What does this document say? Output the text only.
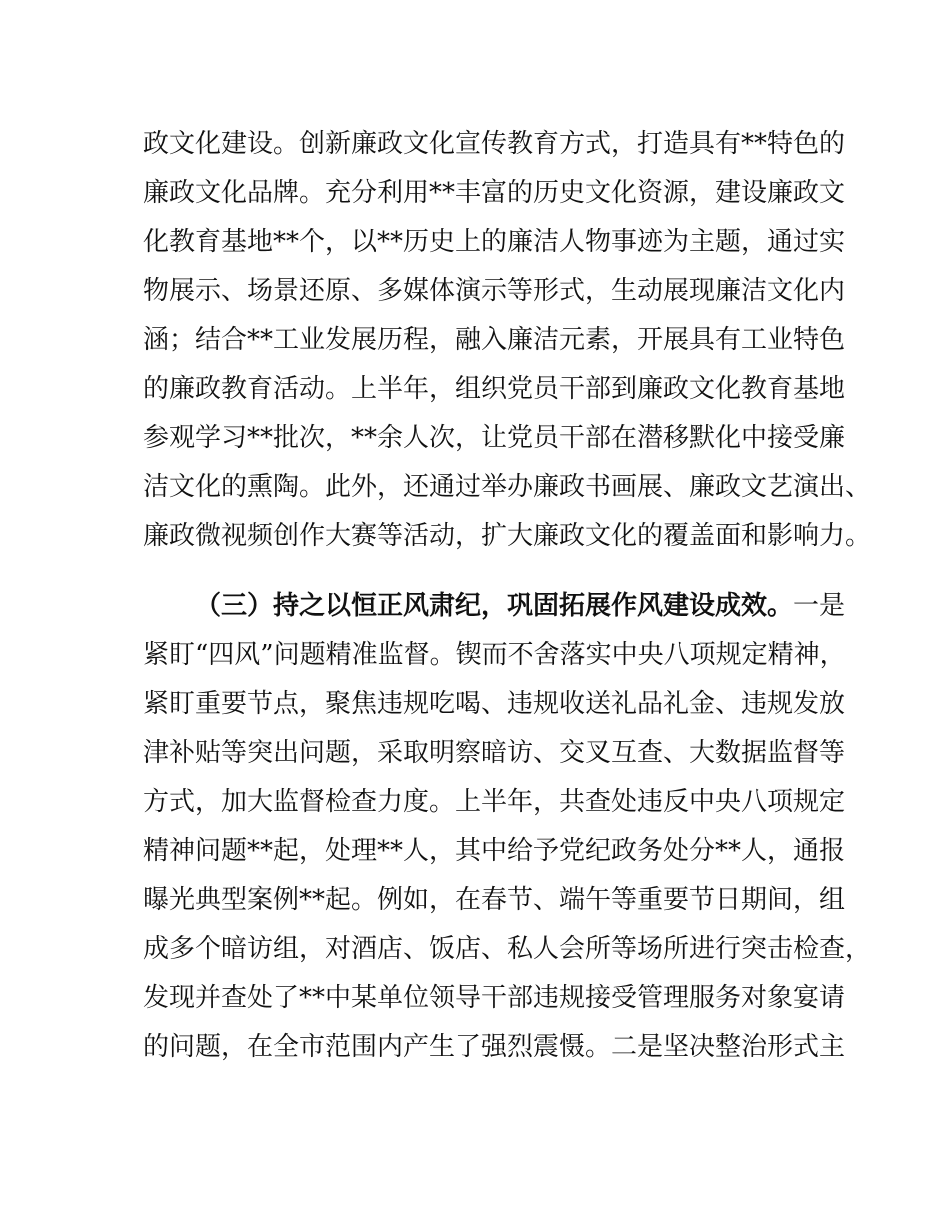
政文化建设。创新廉政文化宣传教育方式，打造具有**特色的
廉政文化品牌。充分利用**丰富的历史文化资源，建设廉政文
化教育基地**个，以**历史上的廉洁人物事迹为主题，通过实
物展示、场景还原、多媒体演示等形式，生动展现廉洁文化内
涵；结合**工业发展历程，融入廉洁元素，开展具有工业特色
的廉政教育活动。上半年，组织党员干部到廉政文化教育基地
参观学习**批次，**余人次，让党员干部在潜移默化中接受廉
洁文化的熏陶。此外，还通过举办廉政书画展、廉政文艺演出、
廉政微视频创作大赛等活动，扩大廉政文化的覆盖面和影响力。
（三）持之以恒正风肃纪，巩固拓展作风建设成效。一是
紧盯“四风”问题精准监督。锲而不舍落实中央八项规定精神，
紧盯重要节点，聚焦违规吃喝、违规收送礼品礼金、违规发放
津补贴等突出问题，采取明察暗访、交叉互查、大数据监督等
方式，加大监督检查力度。上半年，共查处违反中央八项规定
精神问题**起，处理**人，其中给予党纪政务处分**人，通报
曝光典型案例**起。例如，在春节、端午等重要节日期间，组
成多个暗访组，对酒店、饭店、私人会所等场所进行突击检查，
发现并查处了**中某单位领导干部违规接受管理服务对象宴请
的问题，在全市范围内产生了强烈震慑。二是坚决整治形式主
